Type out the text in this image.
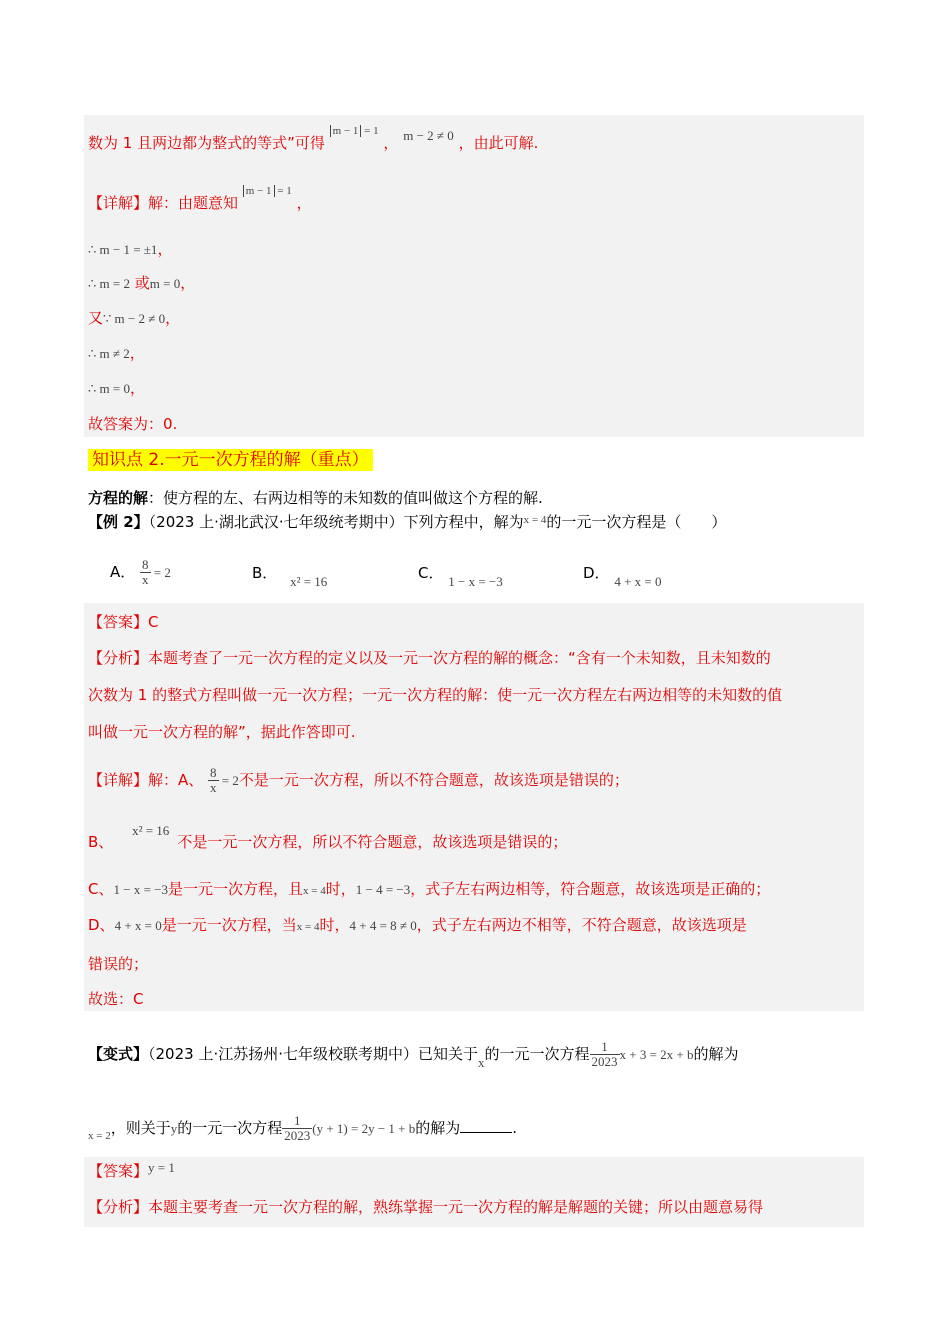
数为 1 且两边都为整式的等式”可得 $^{m - 1 = 1}$ ， m − 2 ≠ 0 ，由此可解.
【详解】解：由题意知 $^{m - 1 = 1}$ ，
∴ m − 1 = ±1，
∴ m = 2 或m = 0，
又∵ m − 2 ≠ 0，
∴ m ≠ 2，
∴ m = 0，
故答案为：0.
知识点 2.一元一次方程的解（重点）
方程的解：使方程的左、右两边相等的未知数的值叫做这个方程的解.
【例 2】（2023 上·湖北武汉·七年级统考期中）下列方程中，解为$^{x = 4}$的一元一次方程是（　　）
A． $\frac{8}{x} = 2$	B． x² = 16	C． 1 − x = −3	D． 4 + x = 0
【答案】C
【分析】本题考查了一元一次方程的定义以及一元一次方程的解的概念：“含有一个未知数，且未知数的
次数为 1 的整式方程叫做一元一次方程；一元一次方程的解：使一元一次方程左右两边相等的未知数的值
叫做一元一次方程的解”，据此作答即可.
【详解】解：A、 $\frac{8}{x} = 2$不是一元一次方程，所以不符合题意，故该选项是错误的；
B、 x² = 16不是一元一次方程，所以不符合题意，故该选项是错误的；
C、1 − x = −3是一元一次方程，且x = 4时，1 − 4 = −3，式子左右两边相等，符合题意，故该选项是正确的；
D、4 + x = 0是一元一次方程，当x = 4时，4 + 4 = 8 ≠ 0，式子左右两边不相等，不符合题意，故该选项是
错误的；
故选：C
【变式】（2023 上·江苏扬州·七年级校联考期中）已知关于x的一元一次方程 $\frac{1}{2023}$ x + 3 = 2x + b的解为
$_{x = 2}$，则关于y的一元一次方程 $\frac{1}{2023} (y + 1) = 2y - 1 + b$的解为	.
【答案】y = 1
【分析】本题主要考查一元一次方程的解，熟练掌握一元一次方程的解是解题的关键；所以由题意易得
